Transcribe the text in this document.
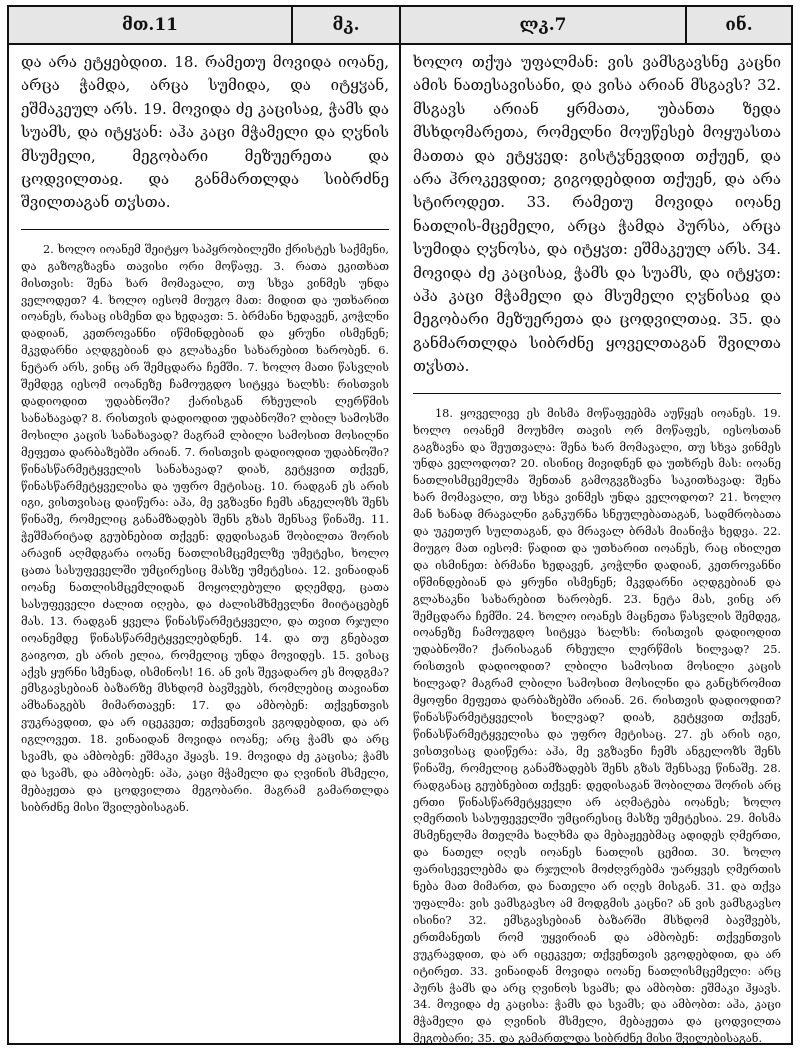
მთ.11	მკ.	ლკ.7	ინ.

და არა ეტყებდით. 18. რამეთუ მოვიდა იოანე, არცა ჭამდა, არცა სუმიდა, და იტყჳან, ეშმაკეულ არს. 19. მოვიდა ძე კაცისაჲ, ჭამს და სუამს, და იტყჳან: აჰა კაცი მჭამელი და ღჳნის მსუმელი, მეგობარი მეზუერეთა და ცოდვილთაჲ. და განმართლდა სიბრძნე შვილთაგან თჳსთა.

2. ხოლო იოანემ შეიტყო საპყრობილეში ქრისტეს საქმენი, და გაზოგზავნა თავისი ორი მოწაფე. 3. რათა ეკითხათ მისთვის: შენა ხარ მომავალი, თუ სხვა ვინმეს უნდა ველოდეთ? 4. ხოლო იესომ მიუგო მათ: მიდით და უთხარით იოანეს, რასაც ისმენთ და ხედავთ: 5. ბრმანი ხედავენ, კოჭლნი დადიან, კეთროვანნი იწმინდებიან და ყრუნი ისმენენ; მკვდარნი აღდგებიან და გლახაკნი სახარებით ხარობენ. 6. ნეტარ არს, ვინც არ შემცდარა ჩემში. 7. ხოლო მათი წასვლის შემდეგ იესომ იოანეზე ჩამოუგდო სიტყვა ხალხს: რისთვის დადიოდით უდაბნოში? ქარისგან რხეულის ლერწმის სანახავად? 8. რისთვის დადიოდით უდაბნოში? ლბილ სამოსში მოსილი კაცის სანახავად? მაგრამ ლბილი სამოსით მოსილნი მეფეთა დარბაზებში არიან. 7. რისთვის დადიოდით უდაბნოში? წინასწარმეტყველის სანახავად? დიახ, გეტყვით თქვენ, წინასწარმეტყველისა და უფრო მეტისაც. 10. რადგან ეს არის იგი, ვისთვისაც დაიწერა: აჰა, მე ვგზავნი ჩემს ანგელოზს შენს წინაშე, რომელიც განამზადებს შენს გზას შენსავ წინაშე. 11. ჭეშმარიტად გეუბნებით თქვენ: დედისაგან შობილთა შორის არავინ აღმდგარა იოანე ნათლისმცემელზე უმეტესი, ხოლო ცათა სასუფეველში უმცირესიც მასზე უმეტესია. 12. ვინაიდან იოანე ნათლისმცემლიდან მოყოლებული დღემდე, ცათა სასუფეველი ძალით იღება, და ძალისმხმევლნი მიიტაცებენ მას. 13. რადგან ყველა წინასწარმეტყველი, და თვით რჯული იოანემდე წინასწარმეტყველებდნენ. 14. და თუ გნებავთ გაიგოთ, ეს არის ელია, რომელიც უნდა მოვიდეს. 15. ვისაც აქვს ყურნი სმენად, ისმინოს! 16. ან ვის შევადარო ეს მოდგმა? ემსგავსებიან ბაზარზე მსხდომ ბავშვებს, რომლებიც თავიანთ ამხანაგებს მიმართავენ: 17. და ამბობენ: თქვენთვის ვუკრავდით, და არ იცეკვეთ; თქვენთვის ვგოდებდით, და არ იგლოვეთ. 18. ვინაიდან მოვიდა იოანე; არც ჭამს და არც სვამს, და ამბობენ: ეშმაკი ჰყავს. 19. მოვიდა ძე კაცისა; ჭამს და სვამს, და ამბობენ: აჰა, კაცი მჭამელი და ღვინის მსმელი, მებაჟეთა და ცოდვილთა მეგობარი. მაგრამ გამართლდა სიბრძნე მისი შვილებისაგან.

ხოლო თქუა უფალმან: ვის ვამსგავსნე კაცნი ამის ნათესავისანი, და ვისა არიან მსგავს? 32. მსგავს არიან ყრმათა, უბანთა ზედა მსხდომარეთა, რომელნი მოუწესებ მოყუასთა მათთა და ეტყჳედ: გისტჳნევდით თქუენ, და არა ჰროკევდით; გიგოდებდით თქუენ, და არა სტიროდეთ. 33. რამეთუ მოვიდა იოანე ნათლის-მცემელი, არცა ჭამდა პურსა, არცა სუმიდა ღჳნოსა, და იტყჳთ: ეშმაკეულ არს. 34. მოვიდა ძე კაცისაჲ, ჭამს და სუამს, და იტყჳთ: აჰა კაცი მჭამელი და მსუმელი ღჳნისაჲ და მეგობარი მეზუერეთა და ცოდვილთაჲ. 35. და განმართლდა სიბრძნე ყოველთაგან შვილთა თჳსთა.

18. ყოველივე ეს მისმა მოწაფეებმა აუწყეს იოანეს. 19. ხოლო იოანემ მოუხმო თავის ორ მოწაფეს, იესოსთან გაგზავნა და შეუთვალა: შენა ხარ მომავალი, თუ სხვა ვინმეს უნდა ველოდოთ? 20. ისინიც მივიდნენ და უთხრეს მას: იოანე ნათლისმცემელმა შენთან გამოგვგზავნა საკითხავად: შენა ხარ მომავალი, თუ სხვა ვინმეს უნდა ველოდოთ? 21. ხოლო მან ხანად მრავალნი განკურნა სნეულებათაგან, სადმრობათა და უკეთურ სულთაგან, და მრავალ ბრმას მიანიჭა ხედვა. 22. მიუგო მათ იესომ: წადით და უთხარით იოანეს, რაც იხილეთ და ისმინეთ: ბრმანი ხედავენ, კოჭლნი დადიან, კეთროვანნი იწმინდებიან და ყრუნი ისმენენ; მკვდარნი აღდგებიან და გლახაკნი სახარებით ხარობენ. 23. ნეტა მას, ვინც არ შემცდარა ჩემში. 24. ხოლო იოანეს მაცნეთა წასვლის შემდეგ, იოანეზე ჩამოუგდო სიტყვა ხალხს: რისთვის დადიოდით უდაბნოში? ქარისაგან რხეული ლერწმის ხილვად? 25. რისთვის დადიოდით? ლბილი სამოსით მოსილი კაცის ხილვად? მაგრამ ლბილი სამოსით მოსილნი და განცხრომით მყოფნი მეფეთა დარბაზებში არიან. 26. რისთვის დადიოდით? წინასწარმეტყველის ხილვად? დიახ, გეტყვით თქვენ, წინასწარმეტყველისა და უფრო მეტისაც. 27. ეს არის იგი, ვისთვისაც დაიწერა: აჰა, მე ვგზავნი ჩემს ანგელოზს შენს წინაშე, რომელიც განამზადებს შენს გზას შენსავე წინაშე. 28. რადგანაც გეუბნებით თქვენ: დედისაგან შობილთა შორის არც ერთი წინასწარმეტყველი არ აღმატება იოანეს; ხოლო ღმერთის სასუფეველში უმცირესიც მასზე უმეტესია. 29. მისმა მსმენელმა მთელმა ხალხმა და მებაჟეებმაც ადიდეს ღმერთი, და ნათელ იღეს იოანეს ნათლის ცემით. 30. ხოლო ფარისეველებმა და რჯულის მოძღვრებმა უარყვეს ღმერთის ნება მათ მიმართ, და ნათელი არ იღეს მისგან. 31. და თქვა უფალმა: ვის ვამსგავსო ამ მოდგმის კაცნი? ან ვის ვამსგავსო ისინი? 32. ემსგავსებიან ბაზარში მსხდომ ბავშვებს, ერთმანეთს რომ უყვირიან და ამბობენ: თქვენთვის ვუკრავდით, და არ იცეკვეთ; თქვენთვის ვგოდებდით, და არ იტირეთ. 33. ვინაიდან მოვიდა იოანე ნათლისმცემელი: არც პურს ჭამს და არც ღვინოს სვამს; და ამბობთ: ეშმაკი ჰყავს. 34. მოვიდა ძე კაცისა: ჭამს და სვამს; და ამბობთ: აჰა, კაცი მჭამელი და ღვინის მსმელი, მებაჟეთა და ცოდვილთა მეგობარი; 35. და გამართლდა სიბრძნე მისი შვილებისაგან.
